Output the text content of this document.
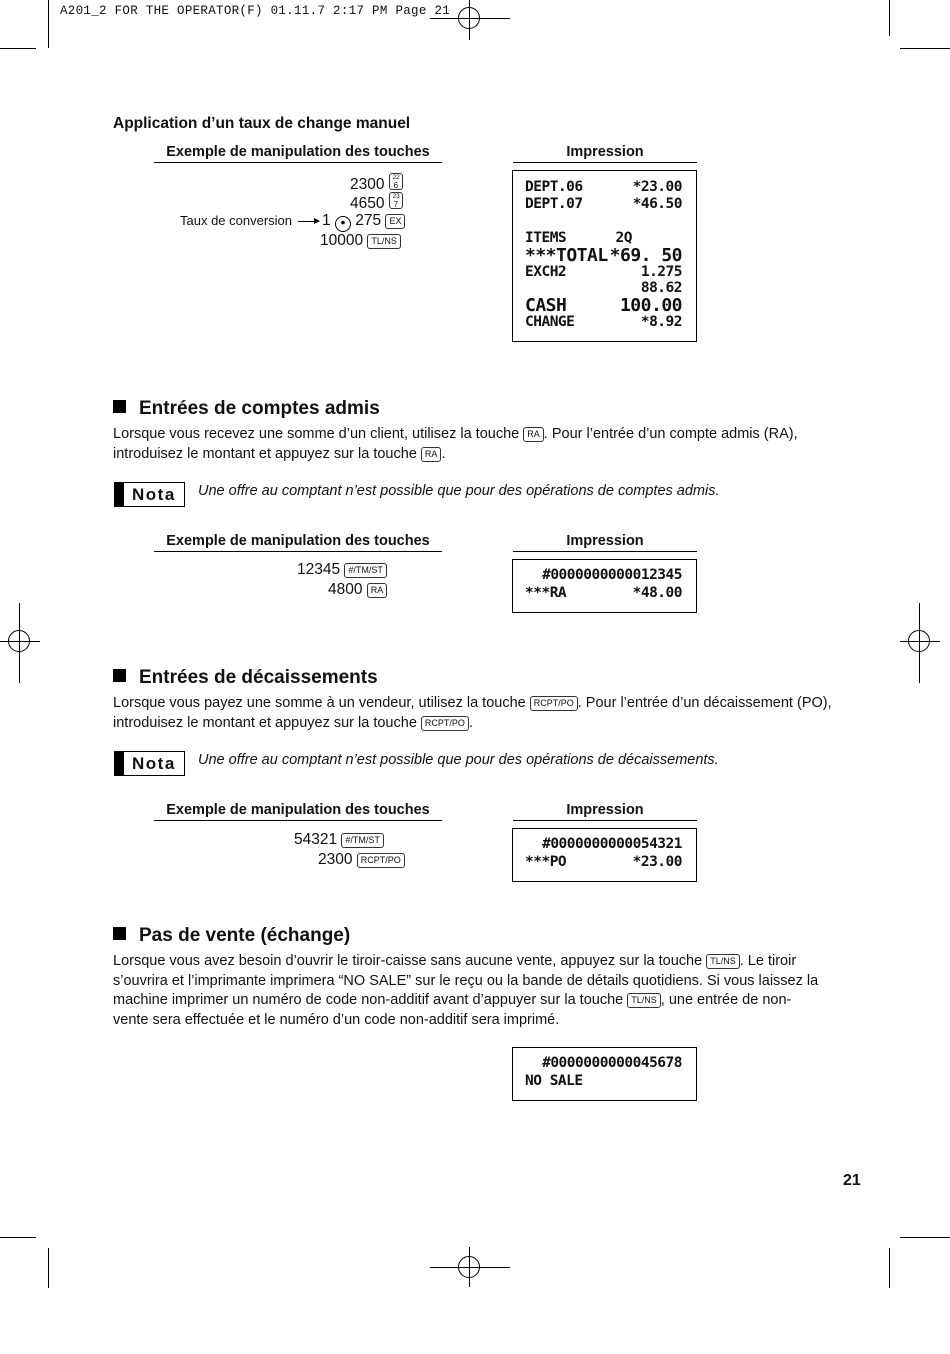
A201_2 FOR THE OPERATOR(F) 01.11.7 2:17 PM Page 21
Application d’un taux de change manuel
Exemple de manipulation des touches	Impression
2300 22
6
4650 23
7
Taux de conversion 1 • 275 EX
10000 TL/NS
DEPT.06	*23.00
DEPT.07	*46.50
ITEMS      2Q
***TOTAL *69. 50
EXCH2	1.275
88.62
CASH	100.00
CHANGE	*8.92
Entrées de comptes admis
Lorsque vous recevez une somme d’un client, utilisez la touche RA . Pour l’entrée d’un compte admis (RA),
introduisez le montant et appuyez sur la touche RA .
Nota Une offre au comptant n’est possible que pour des opérations de comptes admis.
Exemple de manipulation des touches	Impression
12345 #/TM/ST
4800 RA
#0000000000012345
***RA	*48.00
Entrées de décaissements
Lorsque vous payez une somme à un vendeur, utilisez la touche RCPT/PO . Pour l’entrée d’un décaissement (PO),
introduisez le montant et appuyez sur la touche RCPT/PO .
Nota Une offre au comptant n’est possible que pour des opérations de décaissements.
Exemple de manipulation des touches	Impression
54321 #/TM/ST
2300 RCPT/PO
#0000000000054321
***PO	*23.00
Pas de vente (échange)
Lorsque vous avez besoin d’ouvrir le tiroir-caisse sans aucune vente, appuyez sur la touche TL/NS . Le tiroir
s’ouvrira et l’imprimante imprimera “NO SALE” sur le reçu ou la bande de détails quotidiens. Si vous laissez la
machine imprimer un numéro de code non-additif avant d’appuyer sur la touche TL/NS , une entrée de non-
vente sera effectuée et le numéro d’un code non-additif sera imprimé.
#0000000000045678
NO SALE
21
